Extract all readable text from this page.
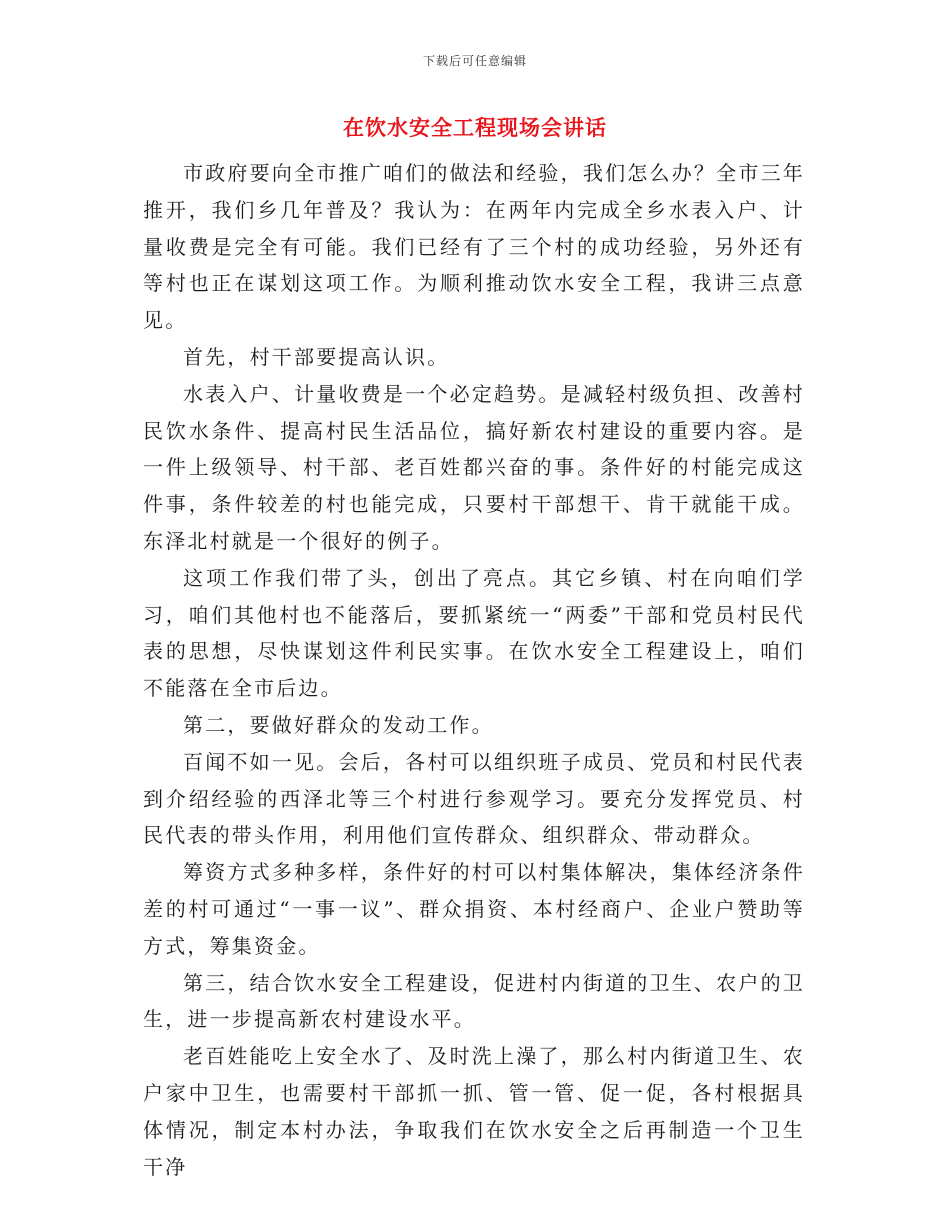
下载后可任意编辑
在饮水安全工程现场会讲话

市政府要向全市推广咱们的做法和经验，我们怎么办？全市三年推开，我们乡几年普及？我认为：在两年内完成全乡水表入户、计量收费是完全有可能。我们已经有了三个村的成功经验，另外还有等村也正在谋划这项工作。为顺利推动饮水安全工程，我讲三点意见。

首先，村干部要提高认识。

水表入户、计量收费是一个必定趋势。是减轻村级负担、改善村民饮水条件、提高村民生活品位，搞好新农村建设的重要内容。是一件上级领导、村干部、老百姓都兴奋的事。条件好的村能完成这件事，条件较差的村也能完成，只要村干部想干、肯干就能干成。东泽北村就是一个很好的例子。

这项工作我们带了头，创出了亮点。其它乡镇、村在向咱们学习，咱们其他村也不能落后，要抓紧统一“两委”干部和党员村民代表的思想，尽快谋划这件利民实事。在饮水安全工程建设上，咱们不能落在全市后边。

第二，要做好群众的发动工作。

百闻不如一见。会后，各村可以组织班子成员、党员和村民代表到介绍经验的西泽北等三个村进行参观学习。要充分发挥党员、村民代表的带头作用，利用他们宣传群众、组织群众、带动群众。

筹资方式多种多样，条件好的村可以村集体解决，集体经济条件差的村可通过“一事一议”、群众捐资、本村经商户、企业户赞助等方式，筹集资金。

第三，结合饮水安全工程建设，促进村内街道的卫生、农户的卫生，进一步提高新农村建设水平。

老百姓能吃上安全水了、及时洗上澡了，那么村内街道卫生、农户家中卫生，也需要村干部抓一抓、管一管、促一促，各村根据具体情况，制定本村办法，争取我们在饮水安全之后再制造一个卫生干净
